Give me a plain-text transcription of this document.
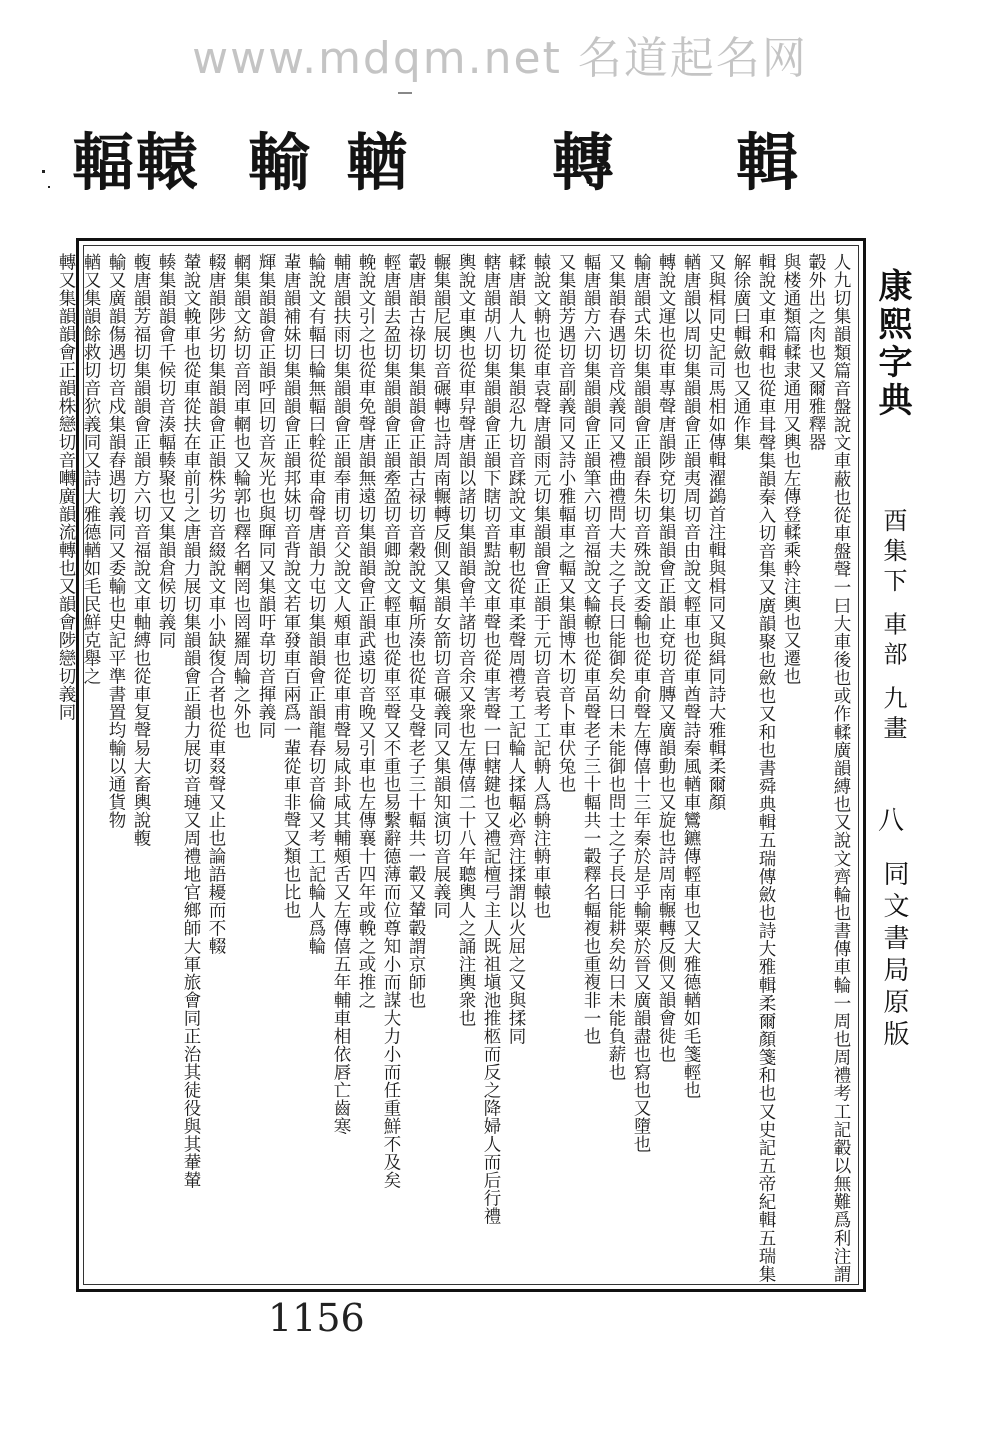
www.mdqm.net 名道起名网
輯
轉
輶
輸
轅
輻

人九切集韻類篇音盤說文車蔽也從車盤聲一曰大車後也或作輮廣韻縛也又說文齊輪也書傳車輪一周也周禮考工記轂以無難爲利注謂轂外出之肉也又爾雅釋器

與楼通類篇輮隶通用又輿也左傳登輮乘軨注輿也又遷也

輯說文車和輯也從車咠聲集韻秦入切音集又廣韻聚也斂也又和也書舜典輯五瑞傳斂也詩大雅輯柔爾顏箋和也又史記五帝紀輯五瑞集解徐廣曰輯斂也又通作集

又與楫同史記司馬相如傳輯濯鷁首注輯與楫同又與緝同詩大雅輯柔爾顏

輶唐韻以周切集韻韻會正韻夷周切音由說文輕車也從車酋聲詩秦風輶車鸞鑣傳輕車也又大雅德輶如毛箋輕也

轉說文運也從車專聲唐韻陟兗切集韻韻會正韻止兗切音膞又廣韻動也又旋也詩周南輾轉反側又韻會徙也

輸唐韻式朱切集韻韻會正韻舂朱切音殊說文委輸也從車俞聲左傳僖十三年秦於是乎輸粟於晉又廣韻盡也寫也又墮也

又集韻春遇切音戍義同又禮曲禮問大夫之子長曰能御矣幼曰未能御也問士之子長曰能耕矣幼曰未能負薪也

輻唐韻方六切集韻韻會正韻筆六切音福說文輪轑也從車畐聲老子三十輻共一轂釋名輻複也重複非一也

又集韻芳遇切音副義同又詩小雅輻車之輻又集韻博木切音卜車伏兔也

轅說文輈也從車袁聲唐韻雨元切集韻韻會正韻于元切音袁考工記輈人爲輈注輈車轅也

輮唐韻人九切集韻忍九切音蹂說文車軔也從車柔聲周禮考工記輪人揉輻必齊注揉謂以火屈之又與揉同

轄唐韻胡八切集韻韻會正韻下瞎切音黠說文車聲也從車害聲一曰轄鍵也又禮記檀弓主人既祖塡池推柩而反之降婦人而后行禮

輿說文車輿也從車舁聲唐韻以諸切集韻韻會羊諸切音余又衆也左傳僖二十八年聽輿人之誦注輿衆也

輾集韻尼展切音碾轉也詩周南輾轉反側又集韻女箭切音碾義同又集韻知演切音展義同

轂唐韻古祿切集韻韻會正韻古禄切音穀說文輻所湊也從車殳聲老子三十輻共一轂又輦轂謂京師也

輕唐韻去盈切集韻韻會正韻牽盈切音卿說文輕車也從車巠聲又不重也易繫辭德薄而位尊知小而謀大力小而任重鮮不及矣

輓說文引之也從車免聲唐韻無遠切集韻韻會正韻武遠切音晚又引車也左傳襄十四年或輓之或推之

輔唐韻扶雨切集韻韻會正韻奉甫切音父說文人頰車也從車甫聲易咸卦咸其輔頰舌又左傳僖五年輔車相依唇亡齒寒

輪說文有輻曰輪無輻曰輇從車侖聲唐韻力屯切集韻韻會正韻龍春切音倫又考工記輪人爲輪

輩唐韻補妹切集韻韻會正韻邦妹切音背說文若軍發車百兩爲一輩從車非聲又類也比也

輝集韻韻會正韻呼回切音灰光也與暉同又集韻吁韋切音揮義同

輞集韻文紡切音罔車輞也又輪郭也釋名輞罔也罔羅周輪之外也

輟唐韻陟劣切集韻韻會正韻株劣切音綴說文車小缺復合者也從車叕聲又止也論語耰而不輟

輦說文輓車也從車從扶在車前引之唐韻力展切集韻韻會正韻力展切音璉又周禮地官鄉師大軍旅會同正治其徒役與其輂輦

輳集韻韻會千候切音湊輻輳聚也又集韻倉候切義同

輹唐韻芳福切集韻韻會正韻方六切音福說文車軸縛也從車复聲易大畜輿說輹

輸又廣韻傷遇切音戍集韻舂遇切義同又委輸也史記平準書置均輸以通貨物

輶又集韻餘救切音狖義同又詩大雅德輶如毛民鮮克舉之

轉又集韻韻會正韻株戀切音囀廣韻流轉也又韻會陟戀切義同	康熙字典
酉集下 車部 九畫
八
同文書局原版
1156
